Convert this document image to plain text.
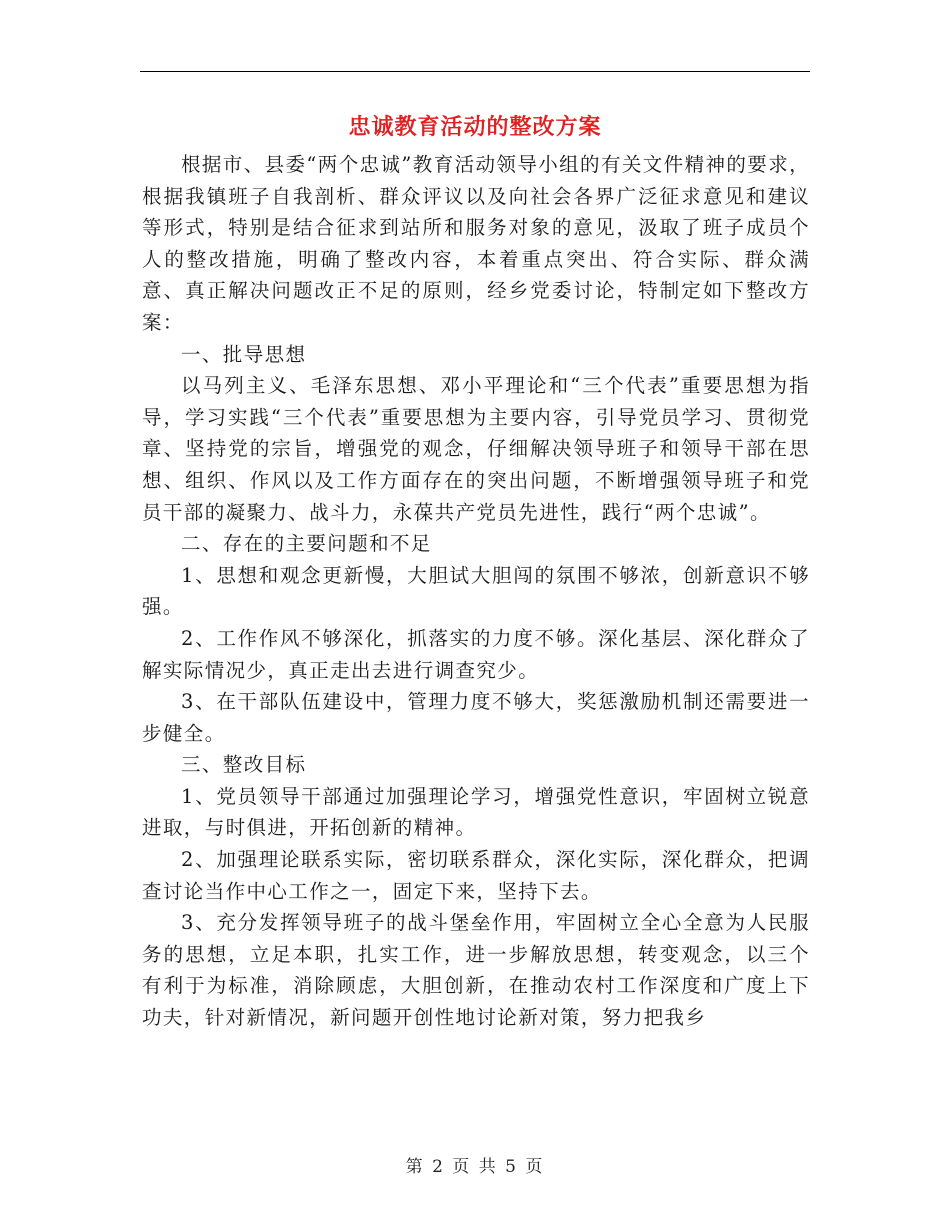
忠诚教育活动的整改方案

根据市、县委“两个忠诚”教育活动领导小组的有关文件精神的要求，根据我镇班子自我剖析、群众评议以及向社会各界广泛征求意见和建议等形式，特别是结合征求到站所和服务对象的意见，汲取了班子成员个人的整改措施，明确了整改内容，本着重点突出、符合实际、群众满意、真正解决问题改正不足的原则，经乡党委讨论，特制定如下整改方案：

一、批导思想

以马列主义、毛泽东思想、邓小平理论和“三个代表”重要思想为指导，学习实践“三个代表”重要思想为主要内容，引导党员学习、贯彻党章、坚持党的宗旨，增强党的观念，仔细解决领导班子和领导干部在思想、组织、作风以及工作方面存在的突出问题，不断增强领导班子和党员干部的凝聚力、战斗力，永葆共产党员先进性，践行“两个忠诚”。

二、存在的主要问题和不足

1、思想和观念更新慢，大胆试大胆闯的氛围不够浓，创新意识不够强。

2、工作作风不够深化，抓落实的力度不够。深化基层、深化群众了解实际情况少，真正走出去进行调查究少。

3、在干部队伍建设中，管理力度不够大，奖惩激励机制还需要进一步健全。

三、整改目标

1、党员领导干部通过加强理论学习，增强党性意识，牢固树立锐意进取，与时俱进，开拓创新的精神。

2、加强理论联系实际，密切联系群众，深化实际，深化群众，把调查讨论当作中心工作之一，固定下来，坚持下去。

3、充分发挥领导班子的战斗堡垒作用，牢固树立全心全意为人民服务的思想，立足本职，扎实工作，进一步解放思想，转变观念，以三个有利于为标准，消除顾虑，大胆创新，在推动农村工作深度和广度上下功夫，针对新情况，新问题开创性地讨论新对策，努力把我乡

第 2 页 共 5 页
